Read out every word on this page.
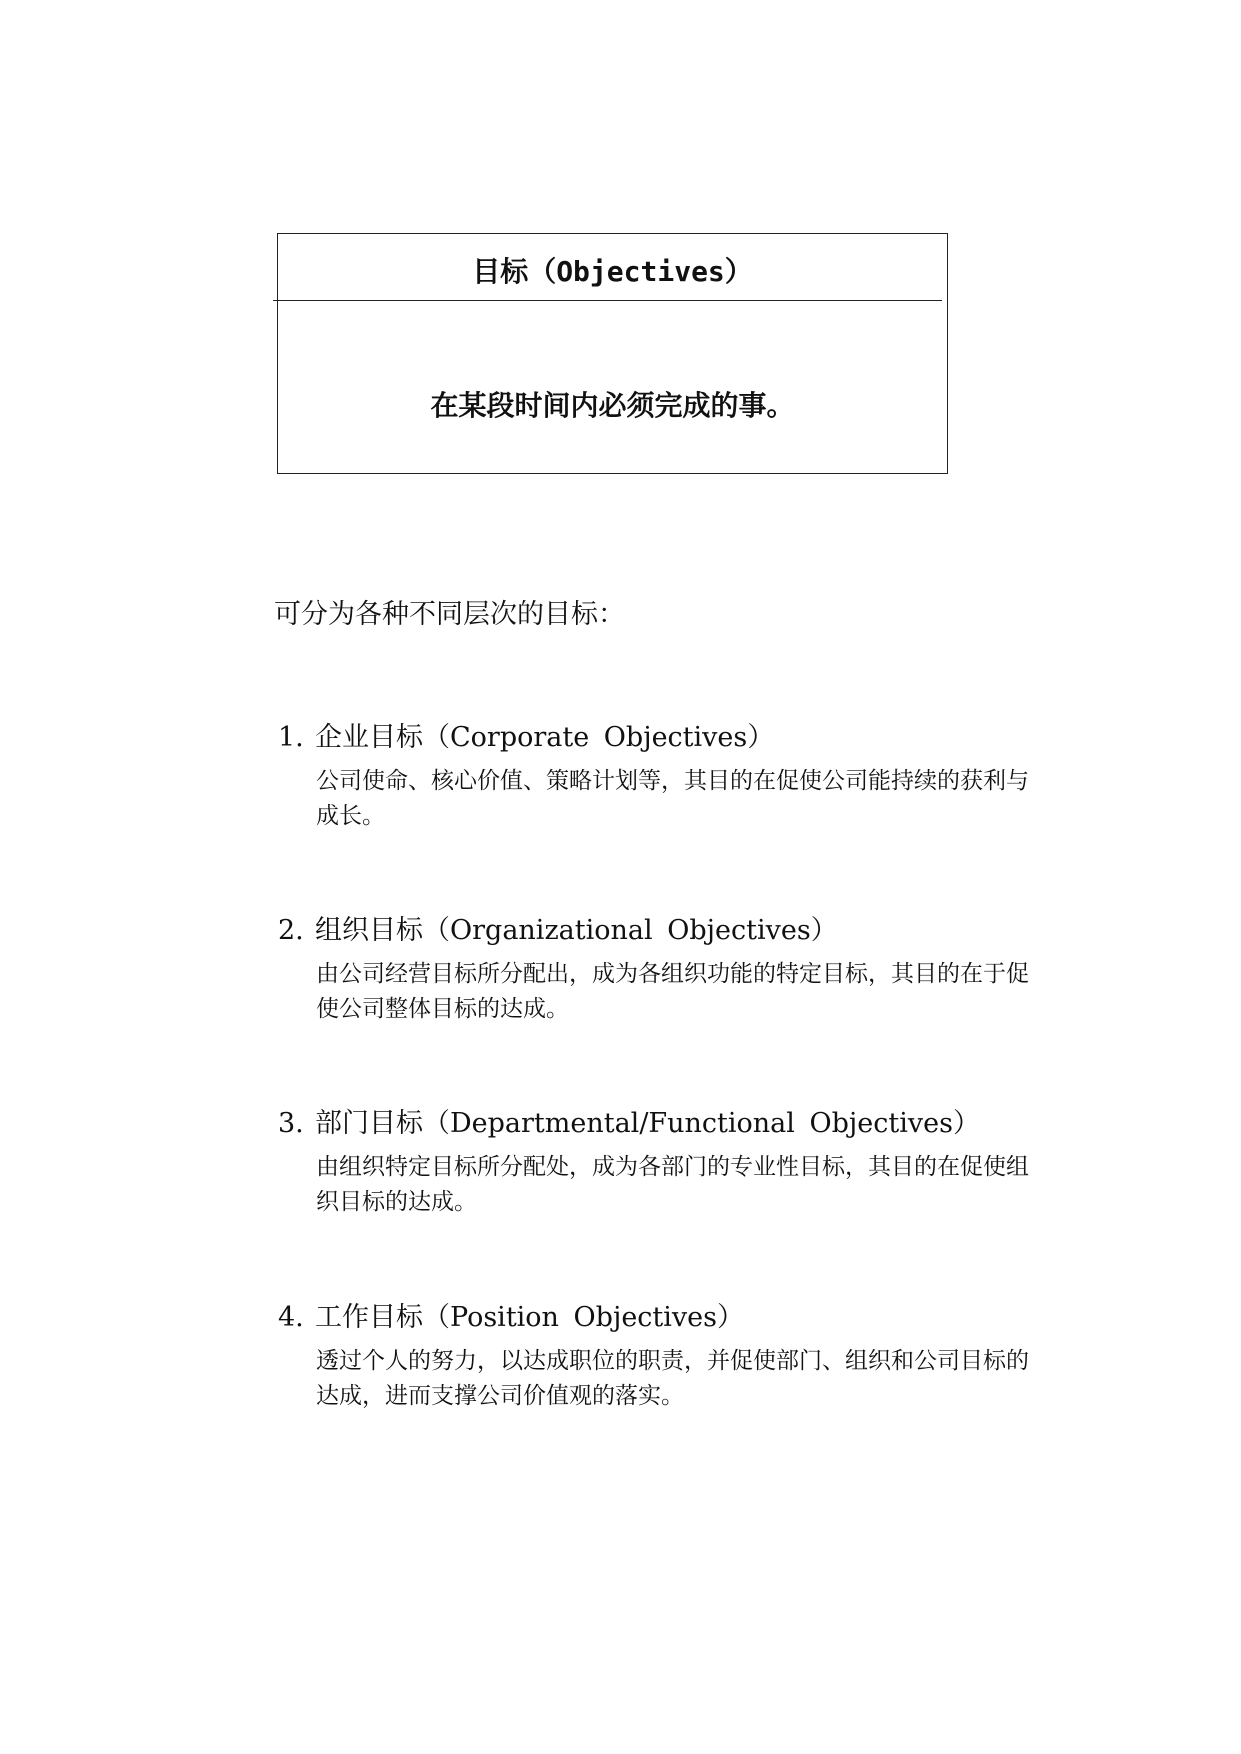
目标（Objectives）
在某段时间内必须完成的事。
可分为各种不同层次的目标：
1. 企业目标（Corporate Objectives）
公司使命、核心价值、策略计划等，其目的在促使公司能持续的获利与成长。
2. 组织目标（Organizational Objectives）
由公司经营目标所分配出，成为各组织功能的特定目标，其目的在于促使公司整体目标的达成。
3. 部门目标（Departmental/Functional Objectives）
由组织特定目标所分配处，成为各部门的专业性目标，其目的在促使组织目标的达成。
4. 工作目标（Position Objectives）
透过个人的努力，以达成职位的职责，并促使部门、组织和公司目标的达成，进而支撑公司价值观的落实。
